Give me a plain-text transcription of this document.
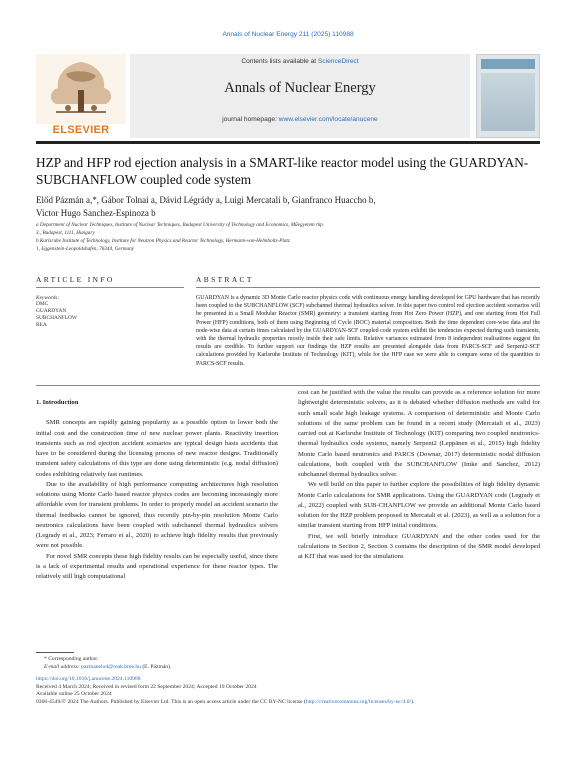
Annals of Nuclear Energy 211 (2025) 110988
ELSEVIER
Contents lists available at ScienceDirect
Annals of Nuclear Energy
journal homepage: www.elsevier.com/locate/anucene
HZP and HFP rod ejection analysis in a SMART-like reactor model using the GUARDYAN-SUBCHANFLOW coupled code system
Előd Pázmán a,*, Gábor Tolnai a, Dávid Légrády a, Luigi Mercatali b, Gianfranco Huaccho b,
Victor Hugo Sanchez-Espinoza b
a Department of Nuclear Techniques, Institute of Nuclear Techniques, Budapest University of Technology and Economics, Műegyetem rkp.
3., Budapest, 1111, Hungary
b Karlsruhe Institute of Technology, Institute for Neutron Physics and Reactor Technology, Hermann-von-Helmholtz-Platz
1, Eggenstein-Leopoldshafen, 76344, Germany
ARTICLE INFO	ABSTRACT
Keywords:
DMC
GUARDYAN
SUBCHANFLOW
REA
GUARDYAN is a dynamic 3D Monte Carlo reactor physics code with continuous energy handling developed for GPU hardware that has recently been coupled to the SUBCHANFLOW (SCF) subchannel thermal hydraulics solver. In this paper two control rod ejection accident scenarios will be presented in a Small Modular Reactor (SMR) geometry: a transient starting from Hot Zero Power (HZP), and one starting from Hot Full Power (HFP) conditions, both of them using Beginning of Cycle (BOC) material composition. Both the time dependent core-wise data and the node-wise data at certain times calculated by the GUARDYAN-SCF coupled code system exhibit the tendencies expected during such transients, with the thermal hydraulic properties mostly inside their safe limits. Relative variances estimated from 8 independent realisations suggest the results are credible. To further support our findings the HZP results are presented alongside data from PARCS-SCF and Serpent2-SCF calculations provided by Karlsruhe Institute of Technology (KIT), while for the HFP case we were able to compare some of the quantities to PARCS-SCF results.
1. Introduction

SMR concepts are rapidly gaining popularity as a possible option to lower both the initial cost and the construction time of new nuclear power plants. Reactivity insertion transients such as rod ejection accident scenarios are typical design basis accidents that have to be considered during the licensing process of new reactor designs. Traditionally transient safety calculations of this type are done using deterministic (e.g. nodal diffusion) codes exhibiting relatively fast runtimes.

Due to the availability of high performance computing architectures high resolution solutions using Monte Carlo based reactor physics codes are becoming increasingly more affordable even for transient problems. In order to properly model an accident scenario the thermal feedbacks cannot be ignored, thus recently pin-by-pin resolution Monte Carlo neutronics calculations have been coupled with subchannel thermal hydraulics solvers (Legrady et al., 2023; Ferraro et al., 2020) to achieve high fidelity results that previously were not possible.

For novel SMR concepts these high fidelity results can be especially useful, since there is a lack of experimental results and operational experience for these reactor types. The relatively still high computational

cost can be justified with the value the results can provide as a reference solution for more lightweight deterministic solvers, as it is debated whether diffusion methods are valid for such small scale high leakage systems. A comparison of deterministic and Monte Carlo solutions of the same problem can be found in a recent study (Mercatali et al., 2023) carried out at Karlsruhe Institute of Technology (KIT) comparing two coupled neutronics-thermal hydraulics code systems, namely Serpent2 (Leppänen et al., 2015) high fidelity Monte Carlo based neutronics and PARCS (Downar, 2017) deterministic nodal diffusion calculations, both coupled with the SUBCHANFLOW (Imke and Sanchez, 2012) subchannel thermal hydraulics solver.

We will build on this paper to further explore the possibilities of high fidelity dynamic Monte Carlo calculations for SMR applications. Using the GUARDYAN code (Legrady et al., 2022) coupled with SUB-CHANFLOW we provide an additional Monte Carlo based solution for the HZP problem proposed in Mercatali et al. (2023), as well as a solution for a similar transient starting from HFP initial conditions.

First, we will briefly introduce GUARDYAN and the other codes used for the calculations in Section 2, Section 3 contains the description of the SMR model developed at KIT that was used for the simulations

* Corresponding author.
E-mail address: pazmanelod@reak.bme.hu (E. Pázmán).
https://doi.org/10.1016/j.anucene.2024.110988
Received 4 March 2024; Received in revised form 22 September 2024; Accepted 10 October 2024
Available online 25 October 2024
0306-4549/© 2024 The Authors. Published by Elsevier Ltd. This is an open access article under the CC BY-NC license (http://creativecommons.org/licenses/by-nc/4.0/).
